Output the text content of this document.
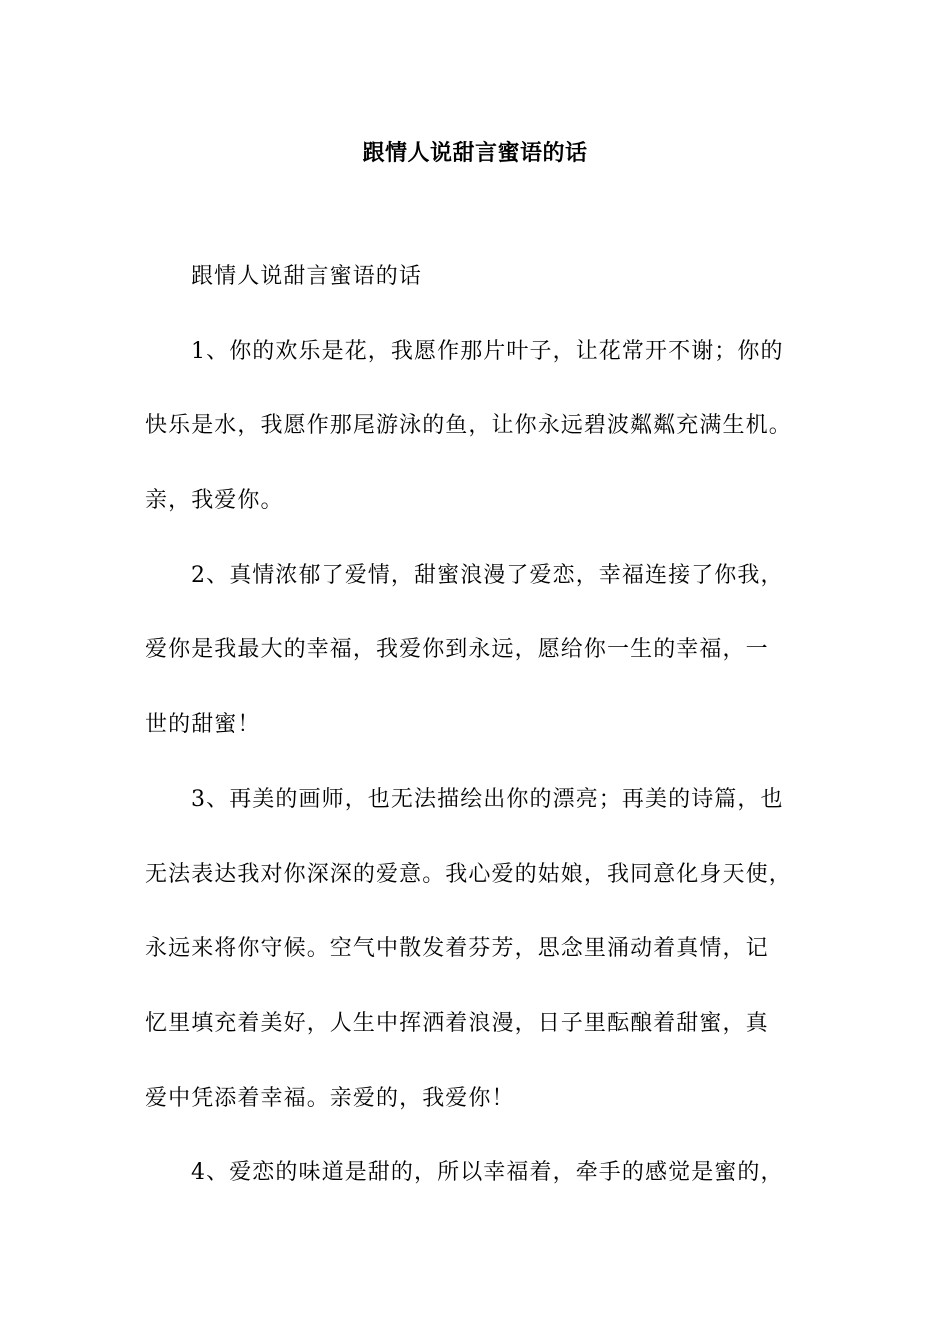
跟情人说甜言蜜语的话
跟情人说甜言蜜语的话
1、你的欢乐是花，我愿作那片叶子，让花常开不谢；你的
快乐是水，我愿作那尾游泳的鱼，让你永远碧波粼粼充满生机。
亲，我爱你。
2、真情浓郁了爱情，甜蜜浪漫了爱恋，幸福连接了你我，
爱你是我最大的幸福，我爱你到永远，愿给你一生的幸福，一
世的甜蜜！
3、再美的画师，也无法描绘出你的漂亮；再美的诗篇，也
无法表达我对你深深的爱意。我心爱的姑娘，我同意化身天使，
永远来将你守候。空气中散发着芬芳，思念里涌动着真情，记
忆里填充着美好，人生中挥洒着浪漫，日子里酝酿着甜蜜，真
爱中凭添着幸福。亲爱的，我爱你！
4、爱恋的味道是甜的，所以幸福着，牵手的感觉是蜜的，
